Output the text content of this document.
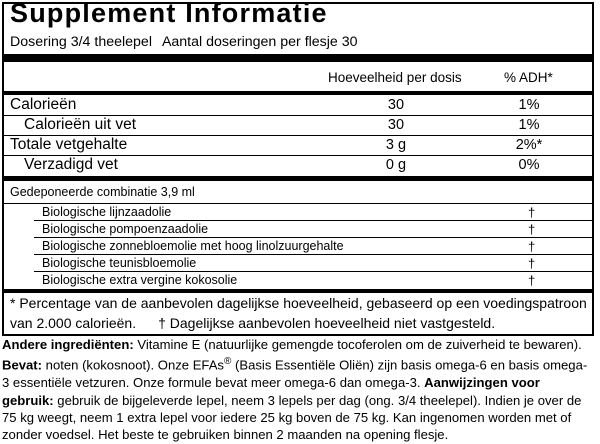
Supplement Informatie
Dosering 3/4 theelepel Aantal doseringen per flesje 30
Hoeveelheid per dosis	% ADH*
Calorieën	30	1%
Calorieën uit vet	30	1%
Totale vetgehalte	3 g	2%*
Verzadigd vet	0 g	0%
Gedeponeerde combinatie 3,9 ml
Biologische lijnzaadolie	†
Biologische pompoenzaadolie	†
Biologische zonnebloemolie met hoog linolzuurgehalte	†
Biologische teunisbloemolie	†
Biologische extra vergine kokosolie	†
* Percentage van de aanbevolen dagelijkse hoeveelheid, gebaseerd op een voedingspatroon van 2.000 calorieën. † Dagelijkse aanbevolen hoeveelheid niet vastgesteld.
Andere ingrediënten: Vitamine E (natuurlijke gemengde tocoferolen om de zuiverheid te bewaren).
Bevat: noten (kokosnoot). Onze EFAs® (Basis Essentiële Oliën) zijn basis omega-6 en basis omega-3 essentiële vetzuren. Onze formule bevat meer omega-6 dan omega-3. Aanwijzingen voor gebruik: gebruik de bijgeleverde lepel, neem 3 lepels per dag (ong. 3/4 theelepel). Indien je over de 75 kg weegt, neem 1 extra lepel voor iedere 25 kg boven de 75 kg. Kan ingenomen worden met of zonder voedsel. Het beste te gebruiken binnen 2 maanden na opening flesje.
